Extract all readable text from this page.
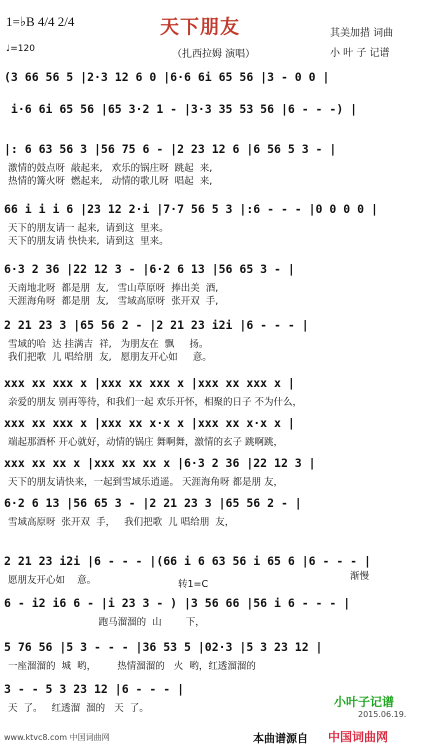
1=♭B 4/4 2/4
♩=120
天下朋友
（扎西拉姆 演唱）
其美加措 词曲
小 叶 子 记谱
(3 66 56 5 |2·3 12 6 0 |6·6 6i 65 56 |3 - 0 0 |
i·6 6i 65 56 |65 3·2 1 - |3·3 35 53 56 |6 - - -) |
|: 6 63 56 3 |56 75 6 - |2 23 12 6 |6 56 5 3 - |
激情的鼓点呀  敲起来,   欢乐的锅庄呀  跳起  来,
热情的篝火呀  燃起来,   动情的歌儿呀  唱起  来,
66 i i i 6 |23 12 2·i |7·7 56 5 3 |:6 - - - |0 0 0 0 |
天下的朋友请一 起来,  请到这  里来。
天下的朋友请 快快来,  请到这  里来。
6·3 2 36 |22 12 3 - |6·2 6 13 |56 65 3 - |
天南地北呀  都是朋  友,   雪山草原呀  捧出美  酒,
天涯海角呀  都是朋  友,   雪域高原呀  张开双  手,
2 21 23 3 |65 56 2 - |2 21 23 i2i |6 - - - |
雪域的哈  达 挂满吉  祥,   为朋友在  飘     扬。
我们把歌  儿 唱给朋  友,   愿朋友开心如     意。
xxx xx xxx x |xxx xx xxx x |xxx xx xxx x |
亲爱的朋友 别再等待，和我们一起 欢乐开怀，相聚的日子 不为什么，
xxx xx xxx x |xxx xx x·x x |xxx xx x·x x |
端起那酒杯 开心就好，动情的锅庄 舞啊舞，激情的玄子 跳啊跳，
xxx xx xx x |xxx xx xx x |6·3 2 36 |22 12 3 |
天下的朋友请快来，一起到雪域乐逍遥。 天涯海角呀 都是朋 友，
6·2 6 13 |56 65 3 - |2 21 23 3 |65 56 2 - |
雪域高原呀  张开双  手，   我们把歌  儿 唱给朋  友，
2 21 23 i2i |6 - - - |(66 i 6 63 56 i 65 6 |6 - - - |
愿朋友开心如    意。
6 - i2 i6 6 - |i 23 3 - ) |3 56 66 |56 i 6 - - - |
跑马溜溜的  山        下，
5 76 56 |5 3 - - - |36 53 5 |02·3 |5 3 23 12 |
一座溜溜的  城  哟，       热情溜溜的   火  哟，红透溜溜的
3 - - 5 3 23 12 |6 - - - |
天  了。   红透溜  溜的   天  了。
转1=C
渐慢
小叶子记谱
2015.06.19.
www.ktvc8.com 中国词曲网	本曲谱源自 中国词曲网
